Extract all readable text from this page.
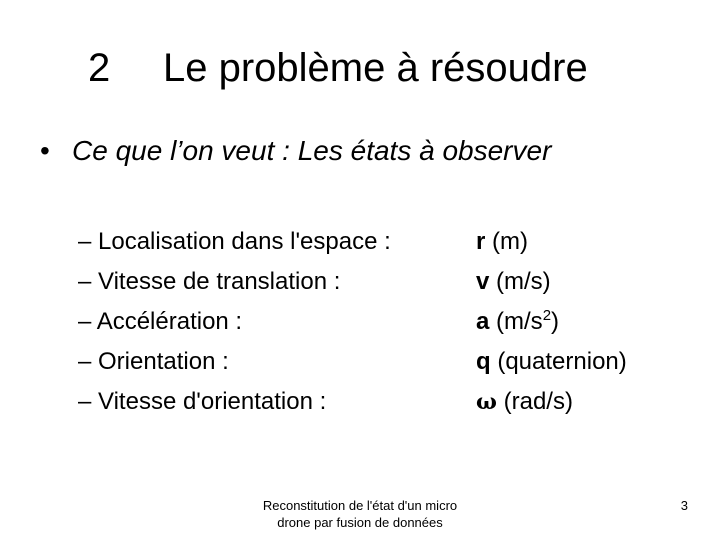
2 Le problème à résoudre
• Ce que l’on veut : Les états à observer
– Localisation dans l'espace :	r (m)
– Vitesse de translation :	v (m/s)
– Accélération :	a $(m/s^2)$
– Orientation :	q (quaternion)
– Vitesse d'orientation :	ω (rad/s)
Reconstitution de l'état d'un micro
drone par fusion de données
3
